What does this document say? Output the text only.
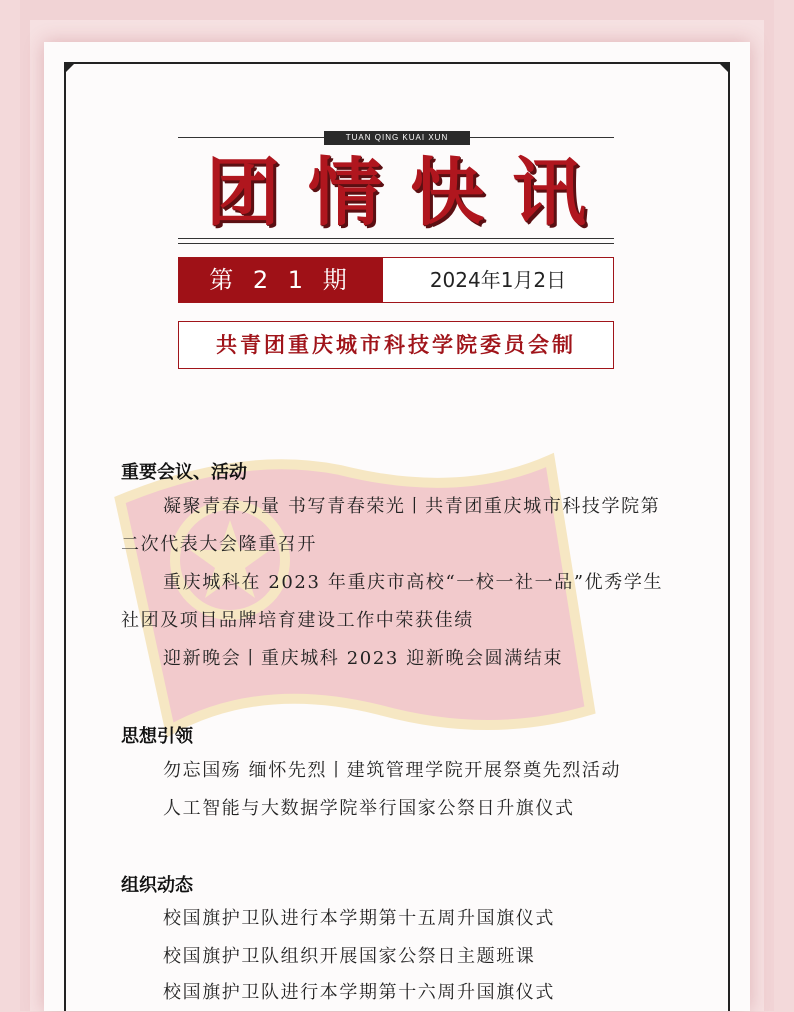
TUAN QING KUAI XUN
团情快讯
第 2 1 期	2024年1月2日
共青团重庆城市科技学院委员会制
重要会议、活动
凝聚青春力量 书写青春荣光丨共青团重庆城市科技学院第二次代表大会隆重召开
重庆城科在 2023 年重庆市高校“一校一社一品”优秀学生社团及项目品牌培育建设工作中荣获佳绩
迎新晚会丨重庆城科 2023 迎新晚会圆满结束
思想引领
勿忘国殇 缅怀先烈丨建筑管理学院开展祭奠先烈活动
人工智能与大数据学院举行国家公祭日升旗仪式
组织动态
校国旗护卫队进行本学期第十五周升国旗仪式
校国旗护卫队组织开展国家公祭日主题班课
校国旗护卫队进行本学期第十六周升国旗仪式
